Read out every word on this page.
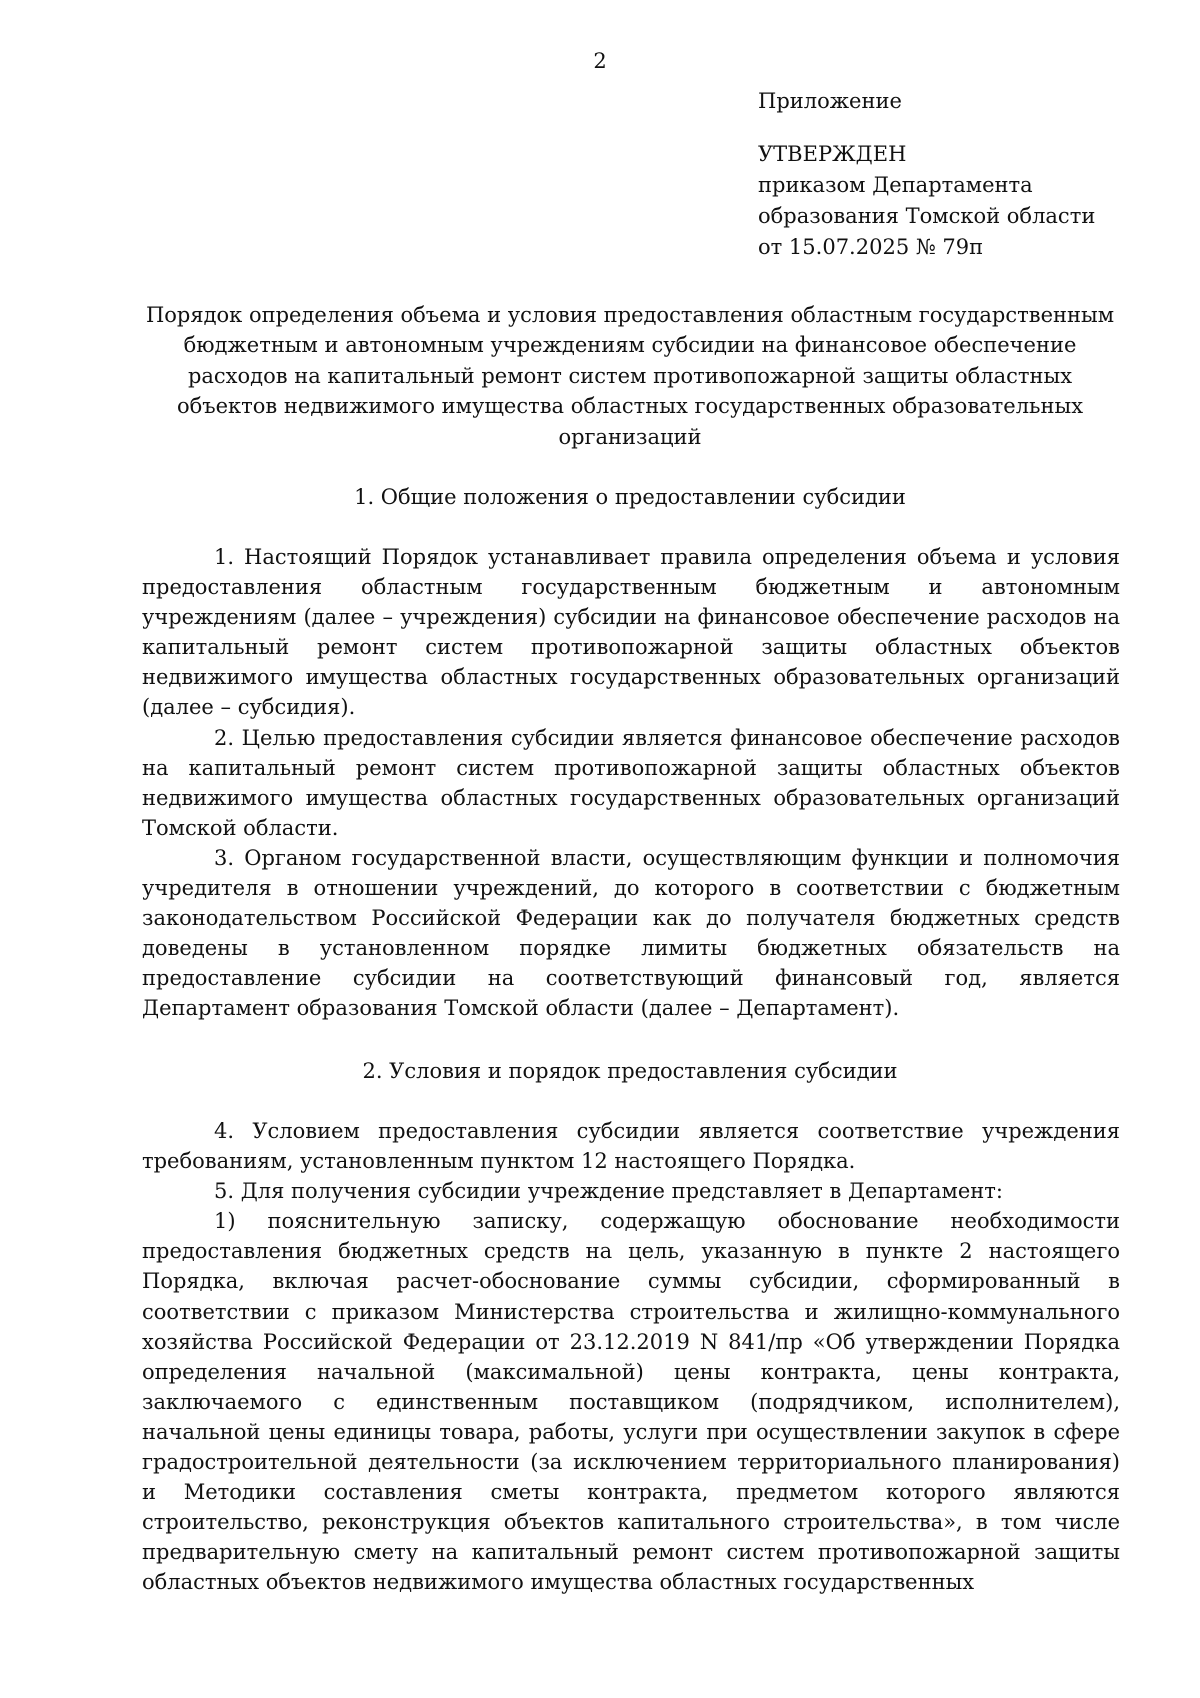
2
Приложение
УТВЕРЖДЕН
приказом Департамента
образования Томской области
от 15.07.2025 № 79п
Порядок определения объема и условия предоставления областным государственным бюджетным и автономным учреждениям субсидии на финансовое обеспечение расходов на капитальный ремонт систем противопожарной защиты областных объектов недвижимого имущества областных государственных образовательных организаций
1. Общие положения о предоставлении субсидии

1. Настоящий Порядок устанавливает правила определения объема и условия предоставления областным государственным бюджетным и автономным учреждениям (далее – учреждения) субсидии на финансовое обеспечение расходов на капитальный ремонт систем противопожарной защиты областных объектов недвижимого имущества областных государственных образовательных организаций (далее – субсидия).

2. Целью предоставления субсидии является финансовое обеспечение расходов на капитальный ремонт систем противопожарной защиты областных объектов недвижимого имущества областных государственных образовательных организаций Томской области.

3. Органом государственной власти, осуществляющим функции и полномочия учредителя в отношении учреждений, до которого в соответствии с бюджетным законодательством Российской Федерации как до получателя бюджетных средств доведены в установленном порядке лимиты бюджетных обязательств на предоставление субсидии на соответствующий финансовый год, является Департамент образования Томской области (далее – Департамент).

2. Условия и порядок предоставления субсидии

4. Условием предоставления субсидии является соответствие учреждения требованиям, установленным пунктом 12 настоящего Порядка.

5. Для получения субсидии учреждение представляет в Департамент:

1) пояснительную записку, содержащую обоснование необходимости предоставления бюджетных средств на цель, указанную в пункте 2 настоящего Порядка, включая расчет-обоснование суммы субсидии, сформированный в соответствии с приказом Министерства строительства и жилищно-коммунального хозяйства Российской Федерации от 23.12.2019 N 841/пр «Об утверждении Порядка определения начальной (максимальной) цены контракта, цены контракта, заключаемого с единственным поставщиком (подрядчиком, исполнителем), начальной цены единицы товара, работы, услуги при осуществлении закупок в сфере градостроительной деятельности (за исключением территориального планирования) и Методики составления сметы контракта, предметом которого являются строительство, реконструкция объектов капитального строительства», в том числе предварительную смету на капитальный ремонт систем противопожарной защиты областных объектов недвижимого имущества областных государственных
